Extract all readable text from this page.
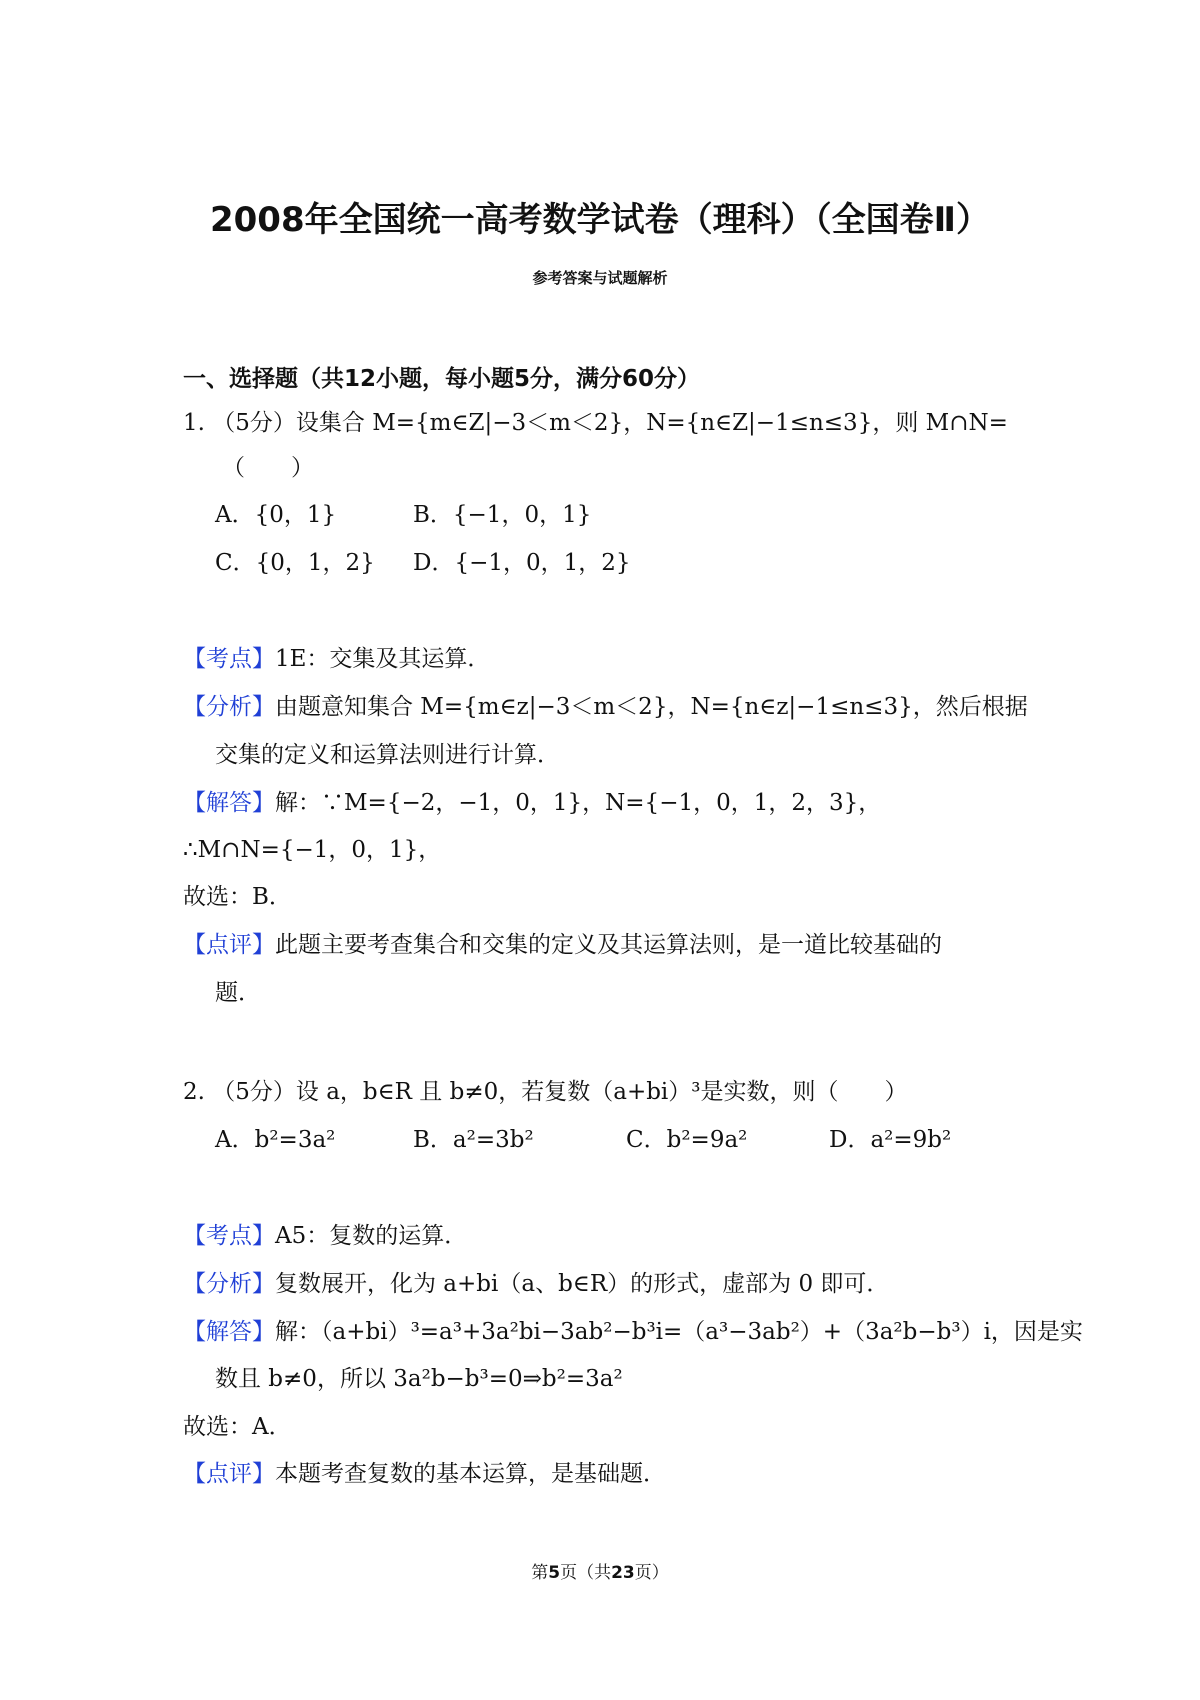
2008年全国统一高考数学试卷（理科）（全国卷Ⅱ）
参考答案与试题解析
一、选择题（共12小题，每小题5分，满分60分）
1. （5分）设集合 M={m∈Z|﻿−3＜m＜2}，N={n∈Z|﻿−1≤n≤3}，则 M∩N=
（　　）
A．{0，1}	B．{−1，0，1}
C．{0，1，2} D．{−1，0，1，2}
【考点】1E：交集及其运算．
【分析】由题意知集合 M={m∈z|﻿−3＜m＜2}，N={n∈z|﻿−1≤n≤3}，然后根据
交集的定义和运算法则进行计算．
【解答】解：∵M={−2，−1，0，1}，N={−1，0，1，2，3}，
∴M∩N={−1，0，1}，
故选：B．
【点评】此题主要考查集合和交集的定义及其运算法则，是一道比较基础的
题．
2. （5分）设 a，b∈R 且 b≠0，若复数（a+bi）³是实数，则（　　）
A．b²=3a²	B．a²=3b²	C．b²=9a²	D．a²=9b²
【考点】A5：复数的运算．
【分析】复数展开，化为 a+bi（a、b∈R）的形式，虚部为 0 即可．
【解答】解：（a+bi）³=a³+3a²bi−3ab²−b³i=（a³−3ab²）+（3a²b−b³）i，因是实
数且 b≠0，所以 3a²b−b³=0⇒b²=3a²
故选：A．
【点评】本题考查复数的基本运算，是基础题．
第5页（共23页）
